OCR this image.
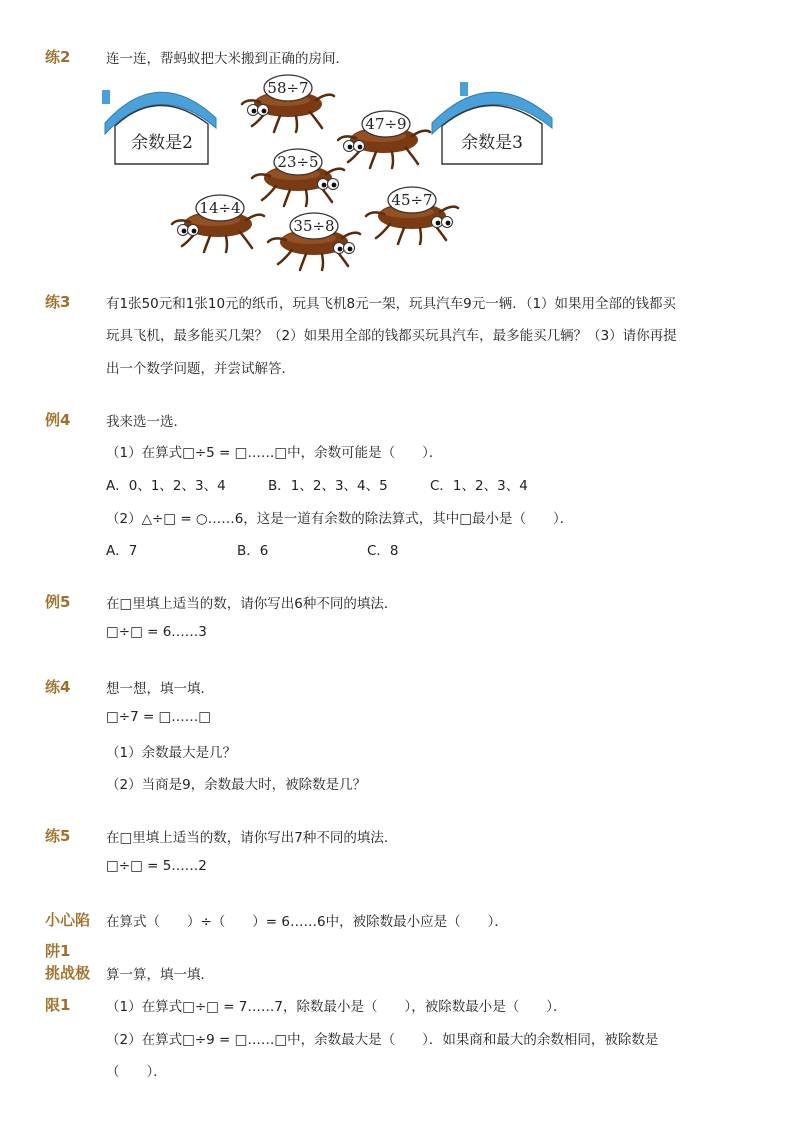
练2	连一连，帮蚂蚁把大米搬到正确的房间．
余数是2	余数是3
58÷7
47÷9
23÷5
14÷4	45÷7
35÷8
练3	有1张50元和1张10元的纸币，玩具飞机8元一架，玩具汽车9元一辆．（1）如果用全部的钱都买
玩具飞机，最多能买几架？（2）如果用全部的钱都买玩具汽车，最多能买几辆？（3）请你再提
出一个数学问题，并尝试解答．
例4	我来选一选．
（1）在算式□÷5 = □……□中，余数可能是（　　）．
A．0、1、2、3、4	B．1、2、3、4、5	C．1、2、3、4
（2）△÷□ = ○……6，这是一道有余数的除法算式，其中□最小是（　　）．
A．7	B．6	C．8
例5	在□里填上适当的数，请你写出6种不同的填法．
□÷□ = 6……3
练4	想一想，填一填．
□÷7 = □……□
（1）余数最大是几？
（2）当商是9，余数最大时，被除数是几？
练5	在□里填上适当的数，请你写出7种不同的填法．
□÷□ = 5……2
小心陷 在算式（　　）÷（　　）= 6……6中，被除数最小应是（　　）．
阱1
挑战极 算一算，填一填．
限1	（1）在算式□÷□ = 7……7，除数最小是（　　），被除数最小是（　　）．
（2）在算式□÷9 = □……□中，余数最大是（　　）．如果商和最大的余数相同，被除数是
（　　）．
